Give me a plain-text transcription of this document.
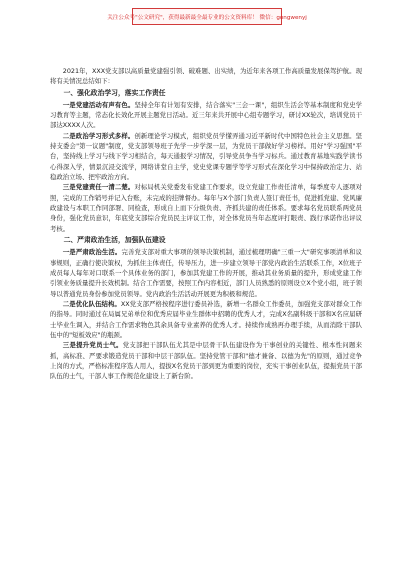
关注公众号"公文研究"，获得最新最全最专业的公文资料库！ 微信：gongwenyj

2021年，XXX党支部以高质量党建强引领、破难题、出实绩，为近年来各项工作高质量发展保驾护航。现将有关情况总结如下：

一、强化政治学习，落实工作责任

一是党建活动有声有色。坚持全年有计划有安排，结合落实"三会一课"，组织生活会等基本制度和党史学习教育等主题，常态化长效化开展主题党日活动。近三年来共开展中心组专题学习，研讨XX轮次，培训党员干部达XXXX人次。

二是政治学习形式多样。创新理论学习模式，组织党员学懂弄通习近平新时代中国特色社会主义思想。坚持支委会"第一议题"制度，党支部领导班子先学一步学深一层，为党员干部做好学习榜样。用好"学习强国"平台，坚持线上学习与线下学习相结合，每天通报学习情况，引导党员争当学习标兵。通过教育基地实践学读书心得深入学，情景沉浸交流学，网络讲堂自主学，党史党课专题学等学习形式在深化学习中保持政治定力、站稳政治立场、把牢政治方向。

三是党建责任一清二楚。对标局机关党委发布党建工作要求，设立党建工作责任清单，每季度专人逐项对照，完成的工作销号并记入台账，未完成的挂牌督办。每年与X个部门负责人签订责任书，促进抓党建、党风廉政建设与本职工作同部署、同检查，形成自上而下分级负责、齐抓共建的责任体系。要求每名党员联系两党员身份，强化党员意识，年底党支部综合党员民主评议工作，对全体党员当年态度评打眼责、践行承诺作出评议考核。

二、严肃政治生活，加强队伍建设

一是严肃政治生活。完善党支部对重大事项的领导决策机制，通过梳理明确"三重一大"研究事项清单和议事规则，正确行使决策权，为抓住主体责任，传导压力，进一步建立领导干部党内政治生活联系工作，X位班子成员每人每年对口联系一个具体业务的部门，参加其党建工作的开展，推动其业务质量的提升，形成党建工作引领业务质量提升长效机制。结合工作需要，按照工作内容相近，部门人员熟悉的原则设立X个党小组，班子领导以普通党员身份参加党员领导。党内政治生活活动开展更为积极和规范。

二是优化队伍结构。XX党支部严格按程序进行委员补选，新增一名群众工作委员，加强党支部对群众工作的指导。同时通过在局属兄弟单位和优秀应届毕业生群体中招聘的优秀人才，完成X名副科级干部和X名应届研士毕业生调入，并结合工作需求物色其余具备专业素养的优秀人才。持续作成熟再办理手续，从而消除干部队伍中的"短板效应"的瓶颈。

三是提升党员士气。党支部把干部队伍尤其是中层骨干队伍建设作为干事创业的关键性、根本性问题来抓，高标准、严要求锻造党员干部和中层干部队伍。坚持党管干部和"德才兼备、以德为先"的原则，通过竞争上岗的方式，严格标准程序选人用人，提拔X名党员干部到更为重要的岗位，充实干事创业队伍，提振党员干部队伍的士气，干部人事工作规范化建设上了新台阶。
